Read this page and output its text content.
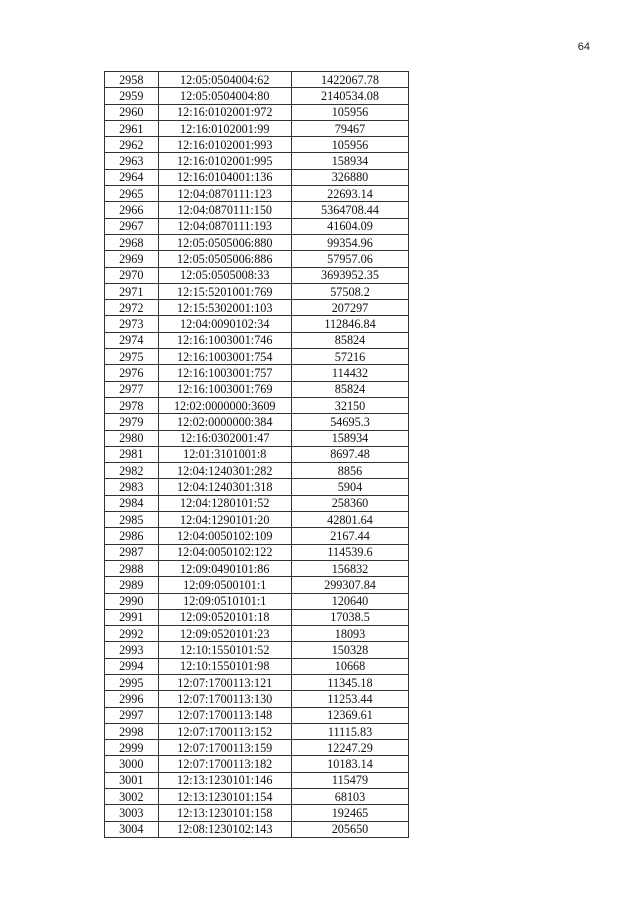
64
2958	12:05:0504004:62	1422067.78
2959	12:05:0504004:80	2140534.08
2960	12:16:0102001:972	105956
2961	12:16:0102001:99	79467
2962	12:16:0102001:993	105956
2963	12:16:0102001:995	158934
2964	12:16:0104001:136	326880
2965	12:04:0870111:123	22693.14
2966	12:04:0870111:150	5364708.44
2967	12:04:0870111:193	41604.09
2968	12:05:0505006:880	99354.96
2969	12:05:0505006:886	57957.06
2970	12:05:0505008:33	3693952.35
2971	12:15:5201001:769	57508.2
2972	12:15:5302001:103	207297
2973	12:04:0090102:34	112846.84
2974	12:16:1003001:746	85824
2975	12:16:1003001:754	57216
2976	12:16:1003001:757	114432
2977	12:16:1003001:769	85824
2978	12:02:0000000:3609	32150
2979	12:02:0000000:384	54695.3
2980	12:16:0302001:47	158934
2981	12:01:3101001:8	8697.48
2982	12:04:1240301:282	8856
2983	12:04:1240301:318	5904
2984	12:04:1280101:52	258360
2985	12:04:1290101:20	42801.64
2986	12:04:0050102:109	2167.44
2987	12:04:0050102:122	114539.6
2988	12:09:0490101:86	156832
2989	12:09:0500101:1	299307.84
2990	12:09:0510101:1	120640
2991	12:09:0520101:18	17038.5
2992	12:09:0520101:23	18093
2993	12:10:1550101:52	150328
2994	12:10:1550101:98	10668
2995	12:07:1700113:121	11345.18
2996	12:07:1700113:130	11253.44
2997	12:07:1700113:148	12369.61
2998	12:07:1700113:152	11115.83
2999	12:07:1700113:159	12247.29
3000	12:07:1700113:182	10183.14
3001	12:13:1230101:146	115479
3002	12:13:1230101:154	68103
3003	12:13:1230101:158	192465
3004	12:08:1230102:143	205650
